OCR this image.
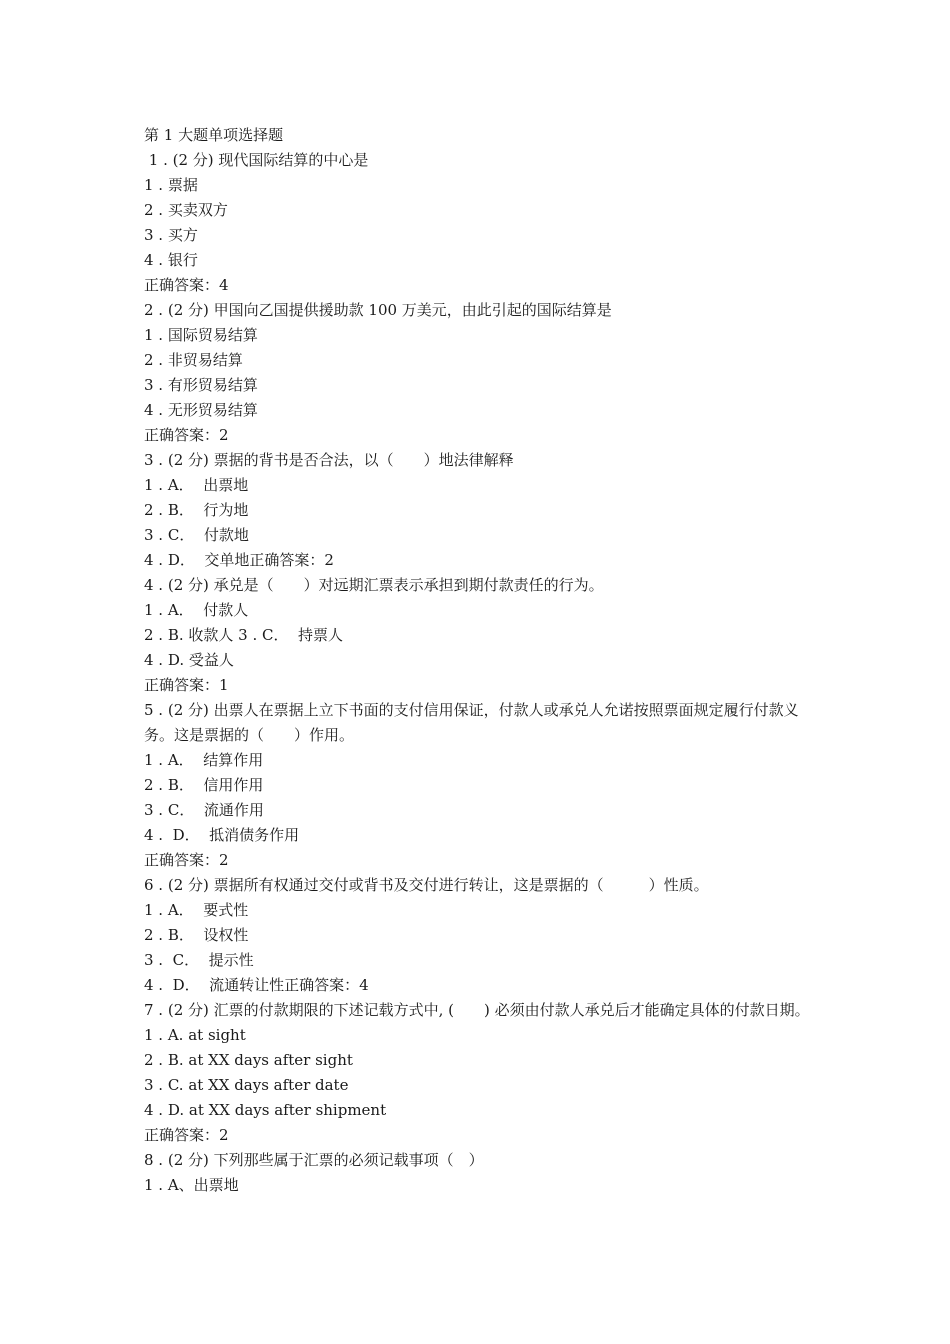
第 1 大题单项选择题

1 . (2 分) 现代国际结算的中心是

1 . 票据

2 . 买卖双方

3 . 买方

4 . 银行

正确答案：4

2 . (2 分) 甲国向乙国提供援助款 100 万美元，由此引起的国际结算是

1 . 国际贸易结算

2 . 非贸易结算

3 . 有形贸易结算

4 . 无形贸易结算

正确答案：2

3 . (2 分) 票据的背书是否合法，以（　　）地法律解释

1 . A．  出票地

2 . B．  行为地

3 . C．  付款地

4 . D．  交单地正确答案：2

4 . (2 分) 承兑是（　　）对远期汇票表示承担到期付款责任的行为。

1 . A．  付款人

2 . B. 收款人 3 . C．  持票人

4 . D. 受益人

正确答案：1

5 . (2 分) 出票人在票据上立下书面的支付信用保证，付款人或承兑人允诺按照票面规定履行付款义务。这是票据的（　　）作用。

1 . A．  结算作用

2 . B．  信用作用

3 . C．  流通作用

4 .  D．  抵消债务作用

正确答案：2

6 . (2 分) 票据所有权通过交付或背书及交付进行转让，这是票据的（　　　）性质。

1 . A．  要式性

2 . B．  设权性

3 .  C．  提示性

4 .  D．  流通转让性正确答案：4

7 . (2 分) 汇票的付款期限的下述记载方式中, (　　) 必须由付款人承兑后才能确定具体的付款日期。

1 . A. at sight

2 . B. at XX days after sight

3 . C. at XX days after date

4 . D. at XX days after shipment

正确答案：2

8 . (2 分) 下列那些属于汇票的必须记载事项（　）

1 . A、出票地
